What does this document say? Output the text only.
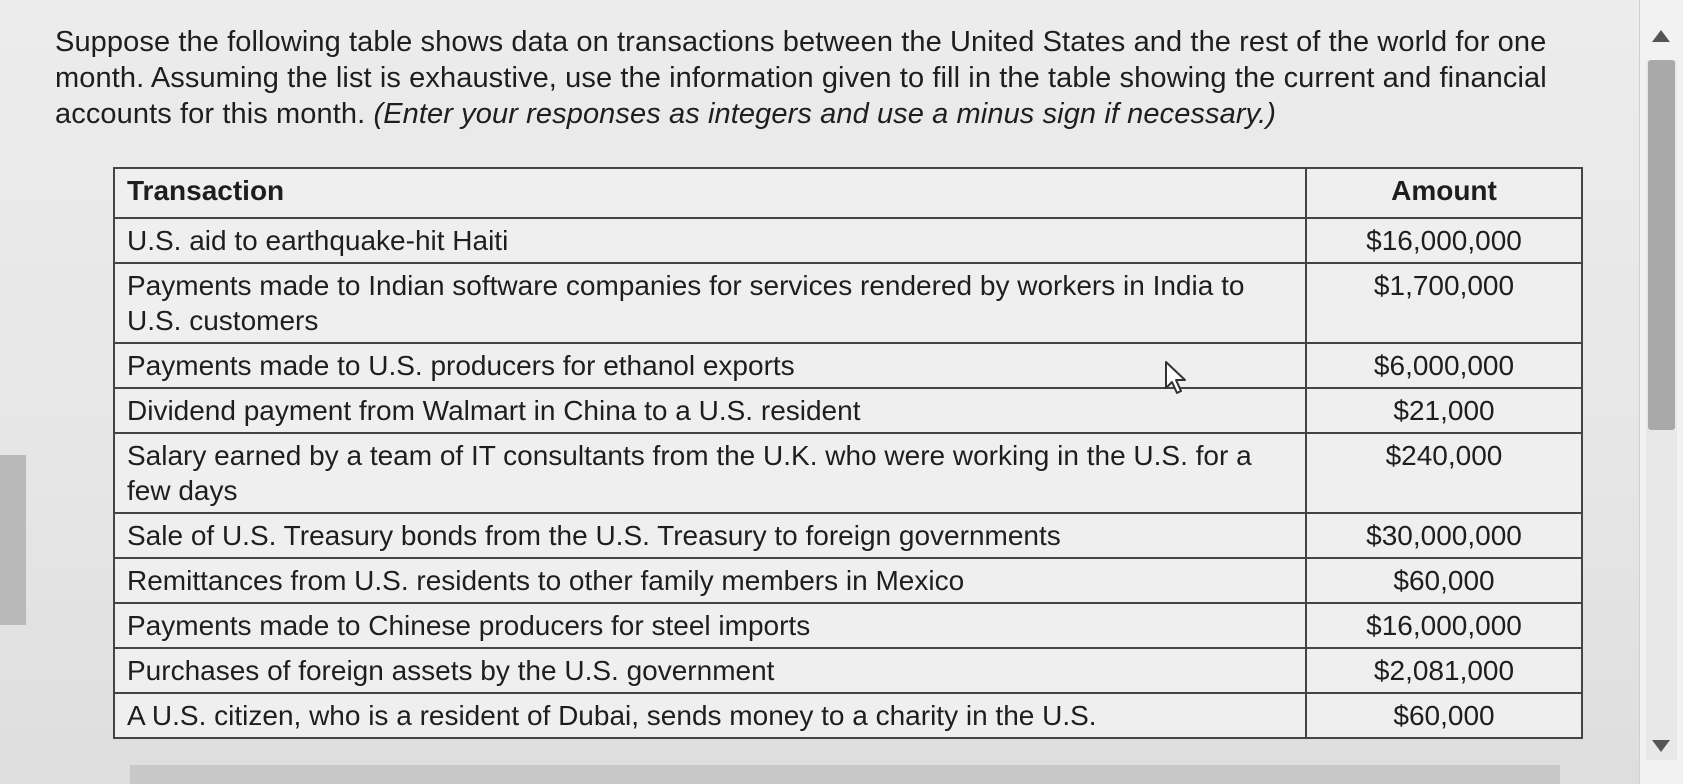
Suppose the following table shows data on transactions between the United States and the rest of the world for one month. Assuming the list is exhaustive, use the information given to fill in the table showing the current and financial accounts for this month. (Enter your responses as integers and use a minus sign if necessary.)
Transaction	Amount
U.S. aid to earthquake-hit Haiti	$16,000,000
Payments made to Indian software companies for services rendered by workers in India to U.S. customers	$1,700,000
Payments made to U.S. producers for ethanol exports	$6,000,000
Dividend payment from Walmart in China to a U.S. resident	$21,000
Salary earned by a team of IT consultants from the U.K. who were working in the U.S. for a few days	$240,000
Sale of U.S. Treasury bonds from the U.S. Treasury to foreign governments	$30,000,000
Remittances from U.S. residents to other family members in Mexico	$60,000
Payments made to Chinese producers for steel imports	$16,000,000
Purchases of foreign assets by the U.S. government	$2,081,000
A U.S. citizen, who is a resident of Dubai, sends money to a charity in the U.S.	$60,000
